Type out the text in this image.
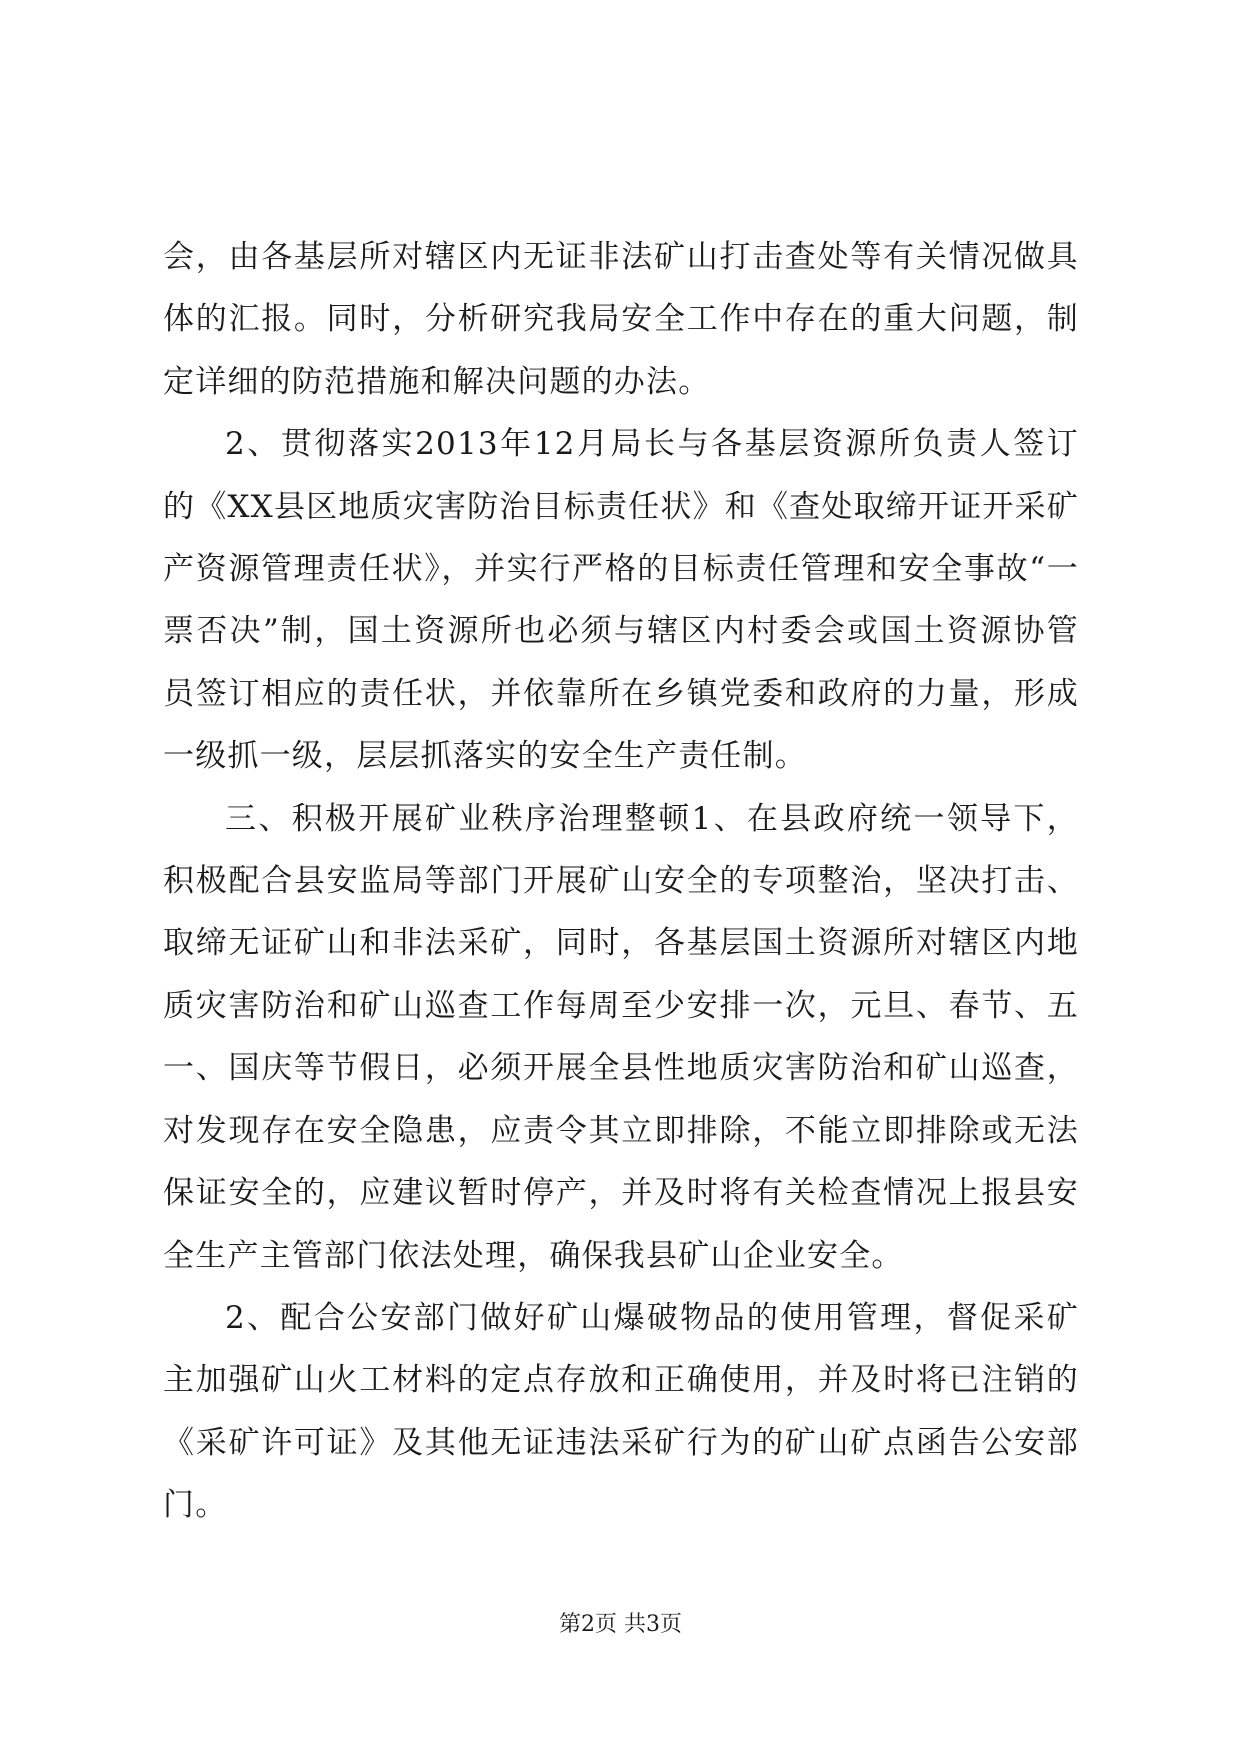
会，由各基层所对辖区内无证非法矿山打击查处等有关情况做具体的汇报。同时，分析研究我局安全工作中存在的重大问题，制定详细的防范措施和解决问题的办法。

2、贯彻落实2013年12月局长与各基层资源所负责人签订的《XX县区地质灾害防治目标责任状》和《查处取缔开证开采矿产资源管理责任状》，并实行严格的目标责任管理和安全事故“一票否决”制，国土资源所也必须与辖区内村委会或国土资源协管员签订相应的责任状，并依靠所在乡镇党委和政府的力量，形成一级抓一级，层层抓落实的安全生产责任制。

三、积极开展矿业秩序治理整顿1、在县政府统一领导下，积极配合县安监局等部门开展矿山安全的专项整治，坚决打击、取缔无证矿山和非法采矿，同时，各基层国土资源所对辖区内地质灾害防治和矿山巡查工作每周至少安排一次，元旦、春节、五一、国庆等节假日，必须开展全县性地质灾害防治和矿山巡查，对发现存在安全隐患，应责令其立即排除，不能立即排除或无法保证安全的，应建议暂时停产，并及时将有关检查情况上报县安全生产主管部门依法处理，确保我县矿山企业安全。

2、配合公安部门做好矿山爆破物品的使用管理，督促采矿主加强矿山火工材料的定点存放和正确使用，并及时将已注销的《采矿许可证》及其他无证违法采矿行为的矿山矿点函告公安部门。

第2页 共3页
